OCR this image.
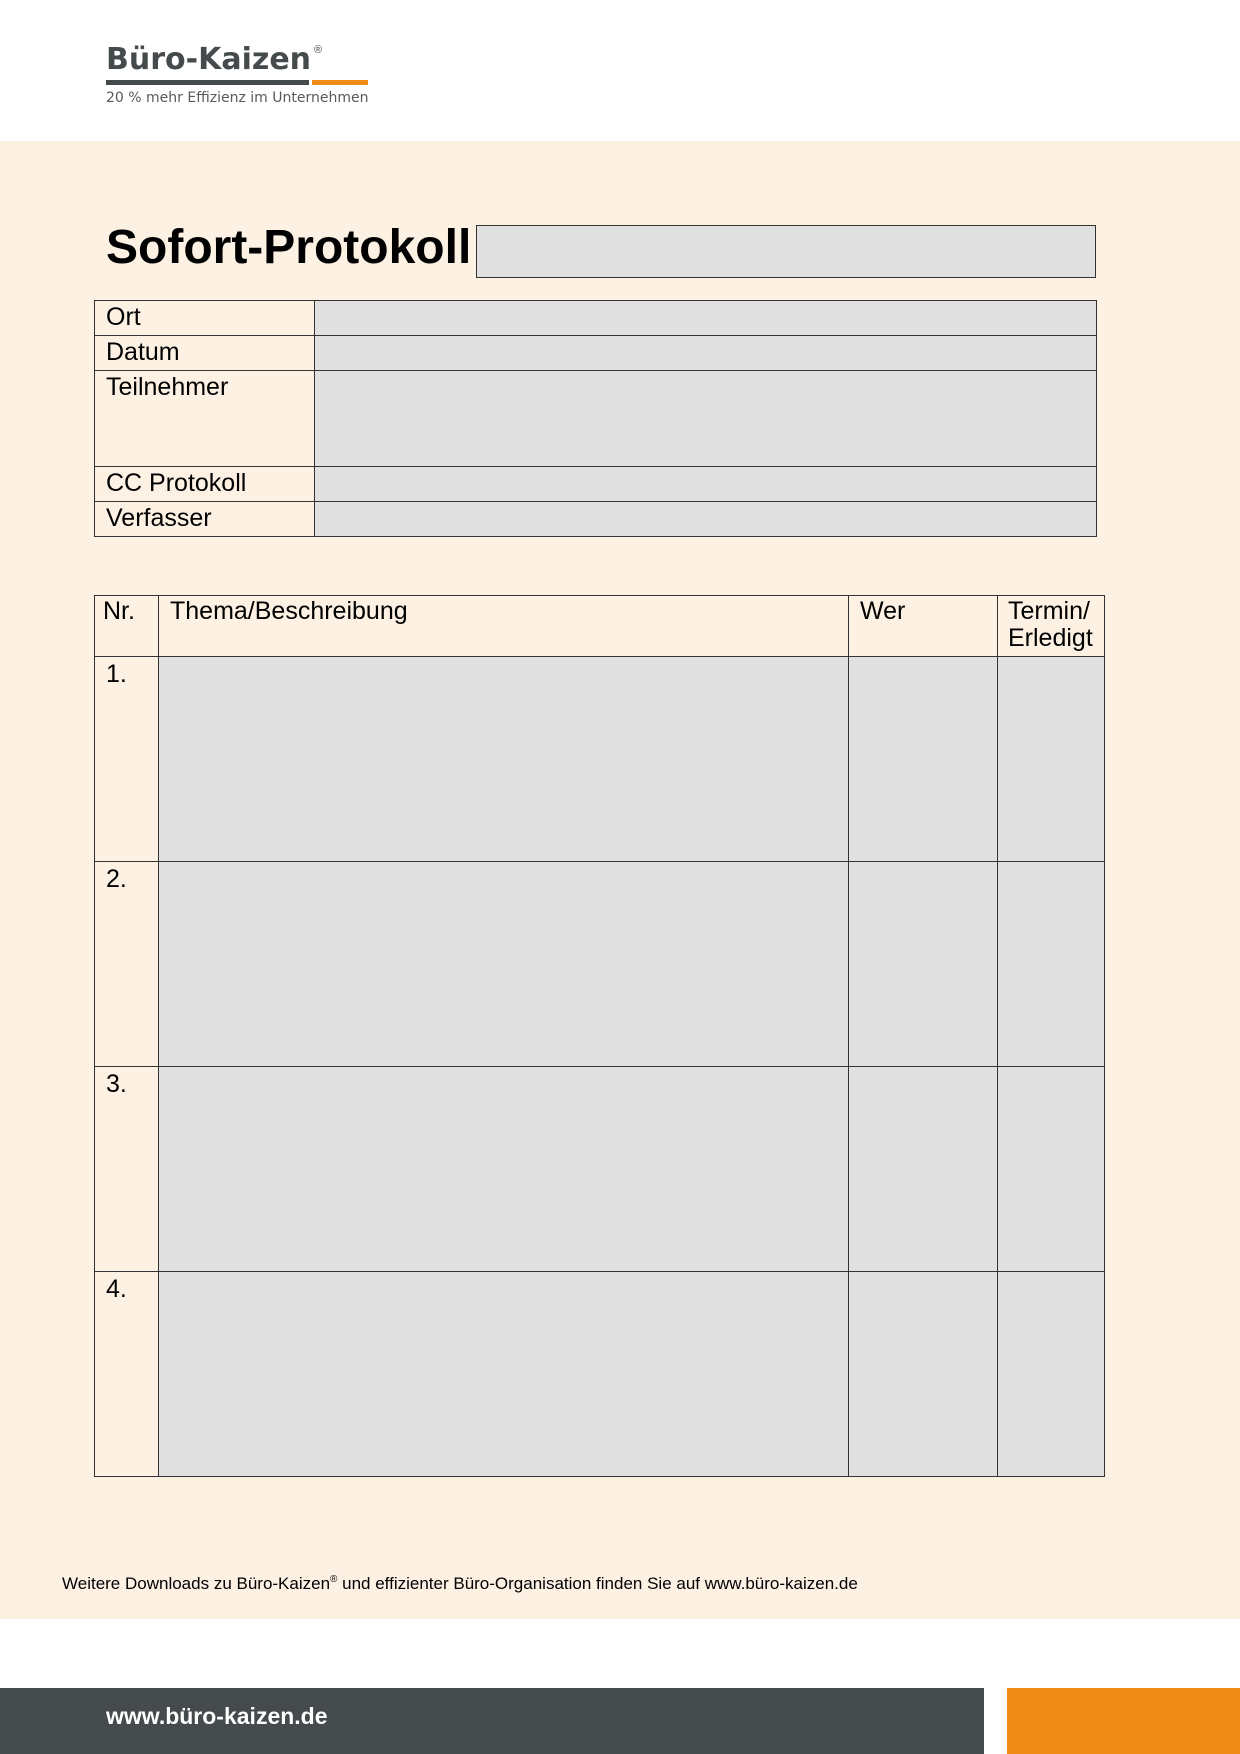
Büro-Kaizen ®
20 % mehr Effizienz im Unternehmen
Sofort-Protokoll
Ort	
Datum	
Teilnehmer	
CC Protokoll	
Verfasser	
Nr.	Thema/Beschreibung	Wer	Termin/
Erledigt
1.			
2.			
3.			
4.			
Weitere Downloads zu Büro-Kaizen® und effizienter Büro-Organisation finden Sie auf www.büro-kaizen.de
www.büro-kaizen.de
